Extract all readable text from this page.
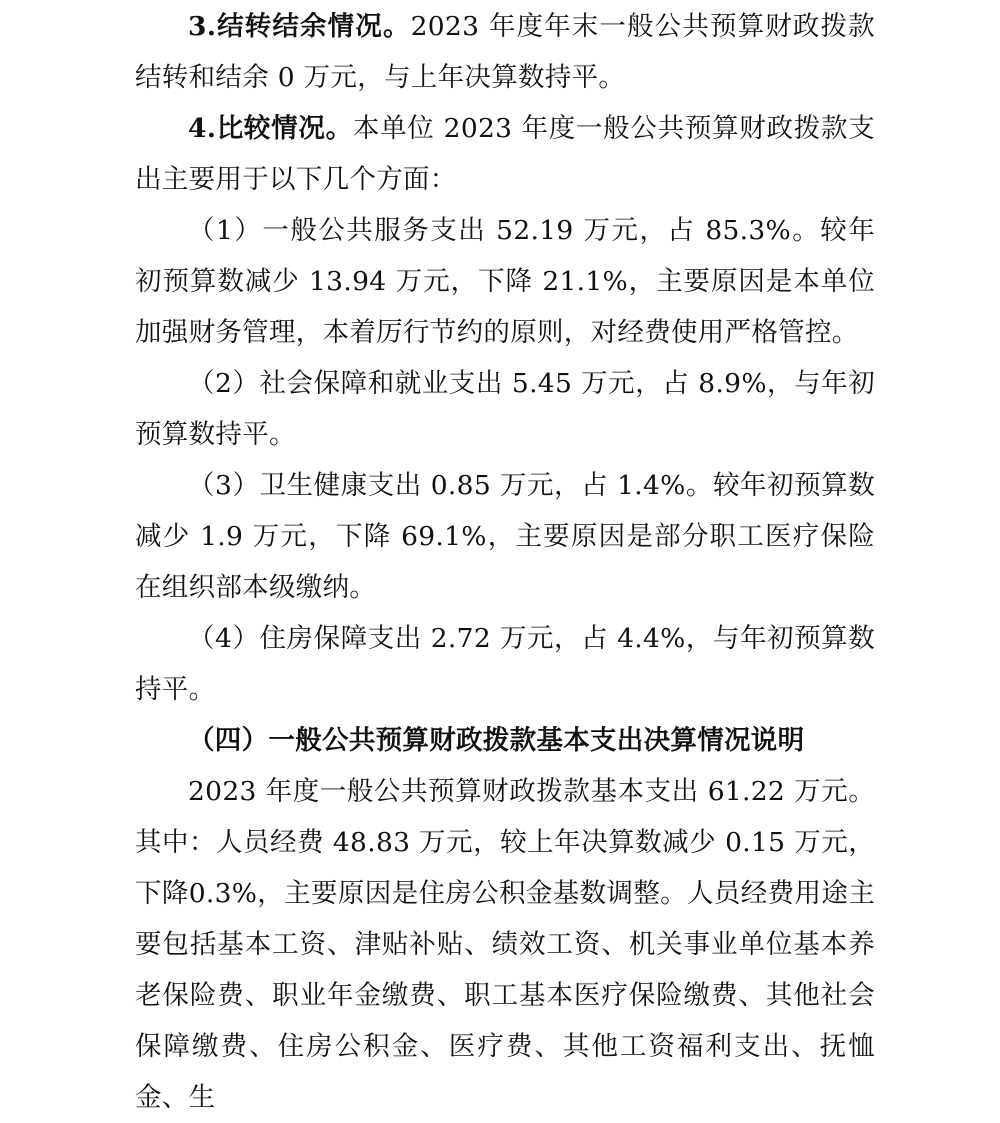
3.结转结余情况。2023 年度年末一般公共预算财政拨款结转和结余 0 万元，与上年决算数持平。

4.比较情况。本单位 2023 年度一般公共预算财政拨款支出主要用于以下几个方面：

（1）一般公共服务支出 52.19 万元，占 85.3%。较年初预算数减少 13.94 万元，下降 21.1%，主要原因是本单位加强财务管理，本着厉行节约的原则，对经费使用严格管控。

（2）社会保障和就业支出 5.45 万元，占 8.9%，与年初预算数持平。

（3）卫生健康支出 0.85 万元，占 1.4%。较年初预算数减少 1.9 万元，下降 69.1%，主要原因是部分职工医疗保险在组织部本级缴纳。

（4）住房保障支出 2.72 万元，占 4.4%，与年初预算数持平。

（四）一般公共预算财政拨款基本支出决算情况说明

2023 年度一般公共预算财政拨款基本支出 61.22 万元。其中：人员经费 48.83 万元，较上年决算数减少 0.15 万元，下降0.3%，主要原因是住房公积金基数调整。人员经费用途主要包括基本工资、津贴补贴、绩效工资、机关事业单位基本养老保险费、职业年金缴费、职工基本医疗保险缴费、其他社会保障缴费、住房公积金、医疗费、其他工资福利支出、抚恤金、生
